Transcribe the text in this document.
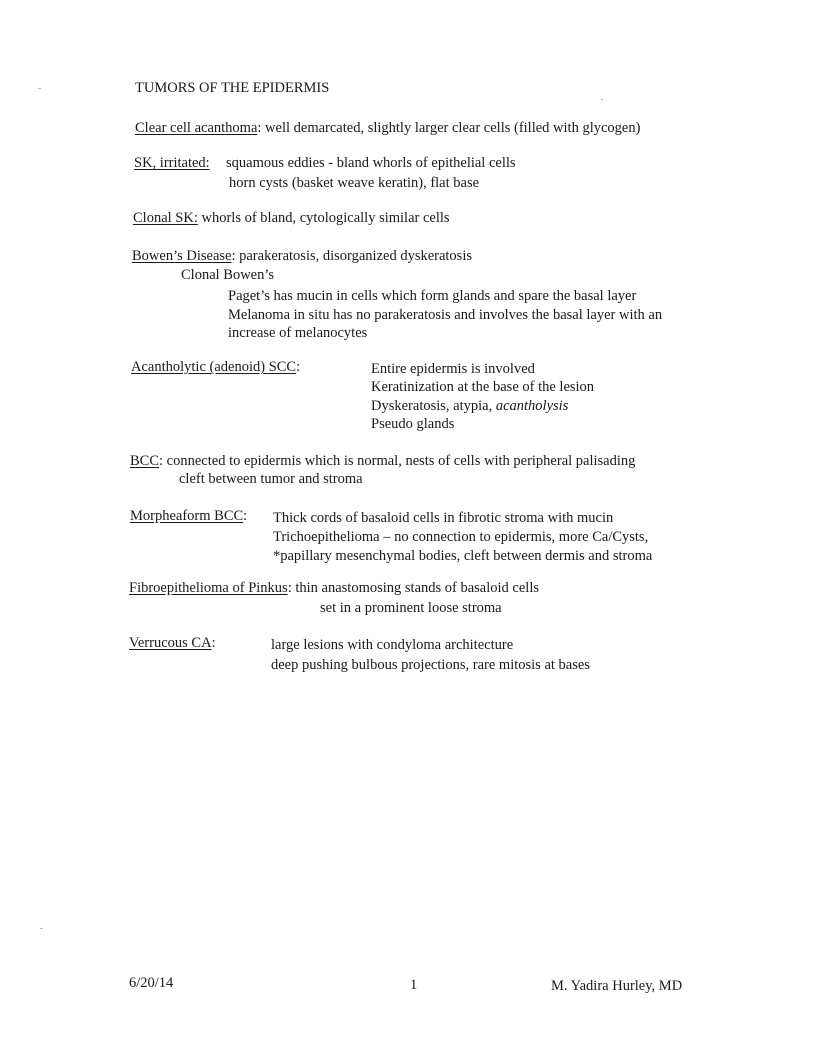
TUMORS OF THE EPIDERMIS
Clear cell acanthoma: well demarcated, slightly larger clear cells (filled with glycogen)
SK, irritated: squamous eddies - bland whorls of epithelial cells
horn cysts (basket weave keratin), flat base
Clonal SK: whorls of bland, cytologically similar cells
Bowen’s Disease: parakeratosis, disorganized dyskeratosis
Clonal Bowen’s
Paget’s has mucin in cells which form glands and spare the basal layer
Melanoma in situ has no parakeratosis and involves the basal layer with an
increase of melanocytes
Acantholytic (adenoid) SCC:	Entire epidermis is involved
Keratinization at the base of the lesion
Dyskeratosis, atypia, acantholysis
Pseudo glands
BCC: connected to epidermis which is normal, nests of cells with peripheral palisading
cleft between tumor and stroma
Morpheaform BCC: Thick cords of basaloid cells in fibrotic stroma with mucin
Trichoepithelioma – no connection to epidermis, more Ca/Cysts,
*papillary mesenchymal bodies, cleft between dermis and stroma
Fibroepithelioma of Pinkus: thin anastomosing stands of basaloid cells
set in a prominent loose stroma
Verrucous CA:	large lesions with condyloma architecture
deep pushing bulbous projections, rare mitosis at bases
6/20/14	1	M. Yadira Hurley, MD
